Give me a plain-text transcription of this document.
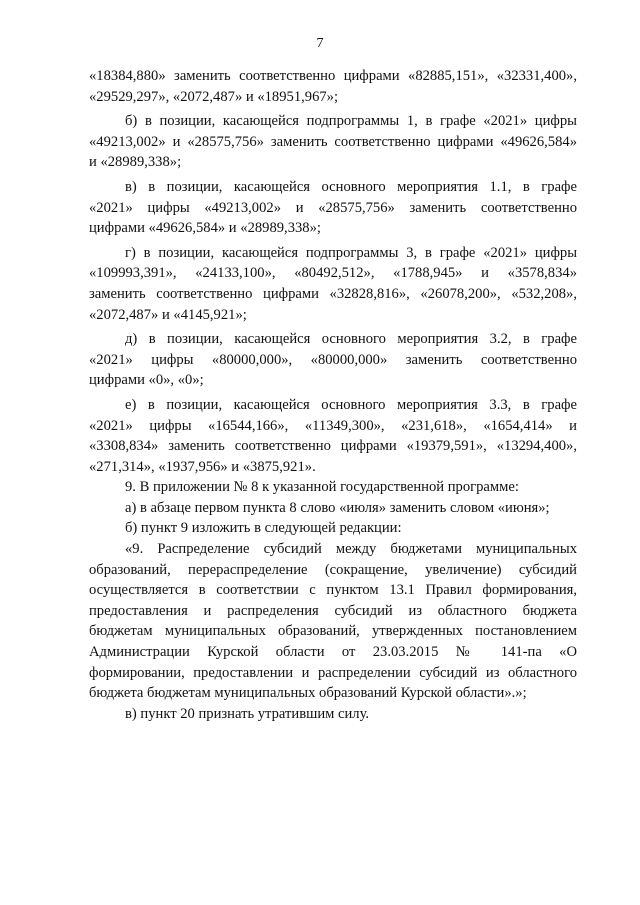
7
«18384,880» заменить соответственно цифрами «82885,151», «32331,400»,
«29529,297», «2072,487» и «18951,967»;
б) в позиции, касающейся подпрограммы 1, в графе «2021» цифры
«49213,002» и «28575,756» заменить соответственно цифрами «49626,584»
и «28989,338»;
в) в позиции, касающейся основного мероприятия 1.1, в графе
«2021» цифры «49213,002» и «28575,756» заменить соответственно
цифрами «49626,584» и «28989,338»;
г) в позиции, касающейся подпрограммы 3, в графе «2021» цифры
«109993,391», «24133,100», «80492,512», «1788,945» и «3578,834»
заменить соответственно цифрами «32828,816», «26078,200», «532,208»,
«2072,487» и «4145,921»;
д) в позиции, касающейся основного мероприятия 3.2, в графе
«2021» цифры «80000,000», «80000,000» заменить соответственно
цифрами «0», «0»;
е) в позиции, касающейся основного мероприятия 3.3, в графе
«2021» цифры «16544,166», «11349,300», «231,618», «1654,414» и
«3308,834» заменить соответственно цифрами «19379,591», «13294,400»,
«271,314», «1937,956» и «3875,921».
9. В приложении № 8 к указанной государственной программе:
а) в абзаце первом пункта 8 слово «июля» заменить словом «июня»;
б) пункт 9 изложить в следующей редакции:
«9. Распределение субсидий между бюджетами муниципальных
образований, перераспределение (сокращение, увеличение) субсидий
осуществляется в соответствии с пунктом 13.1 Правил формирования,
предоставления и распределения субсидий из областного бюджета
бюджетам муниципальных образований, утвержденных постановлением
Администрации Курской области от 23.03.2015 № 141-па «О
формировании, предоставлении и распределении субсидий из областного
бюджета бюджетам муниципальных образований Курской области».»;
в) пункт 20 признать утратившим силу.
